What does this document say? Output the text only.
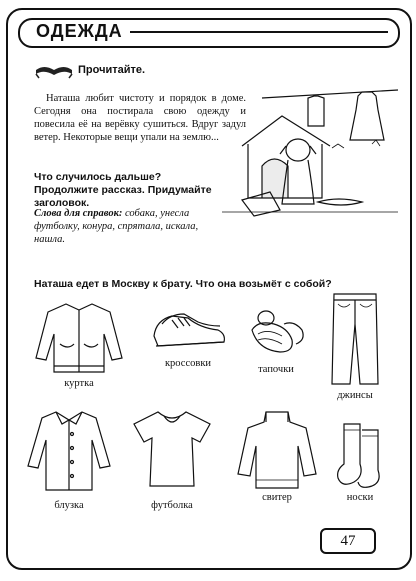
ОДЕЖДА
Прочитайте.
Наташа любит чистоту и порядок в доме. Сегодня она постирала свою одежду и повесила её на верёвку сушиться. Вдруг задул ветер. Некоторые вещи упали на землю...
Что случилось дальше?
Продолжите рассказ. Придумайте заголовок.
Слова для справок: собака, унесла футболку, конура, спрятала, искала, нашла.
Наташа едет в Москву к брату. Что она возьмёт с собой?
куртка
кроссовки
тапочки
джинсы
блузка	футболка
свитер	носки
47
